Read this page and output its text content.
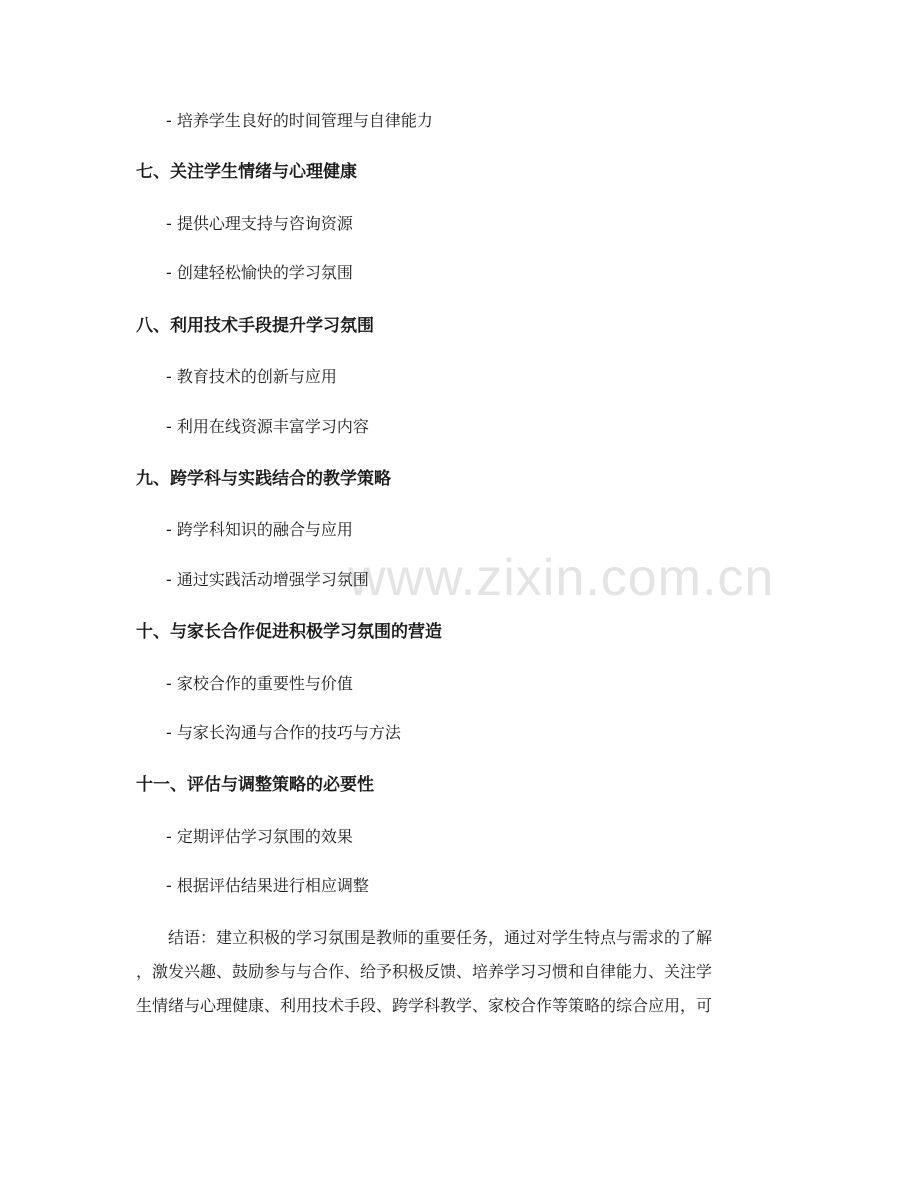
www.zixin.com.cn
- 培养学生良好的时间管理与自律能力
七、关注学生情绪与心理健康
- 提供心理支持与咨询资源
- 创建轻松愉快的学习氛围
八、利用技术手段提升学习氛围
- 教育技术的创新与应用
- 利用在线资源丰富学习内容
九、跨学科与实践结合的教学策略
- 跨学科知识的融合与应用
- 通过实践活动增强学习氛围
十、与家长合作促进积极学习氛围的营造
- 家校合作的重要性与价值
- 与家长沟通与合作的技巧与方法
十一、评估与调整策略的必要性
- 定期评估学习氛围的效果
- 根据评估结果进行相应调整
　　结语：建立积极的学习氛围是教师的重要任务，通过对学生特点与需求的了解
，激发兴趣、鼓励参与与合作、给予积极反馈、培养学习习惯和自律能力、关注学
生情绪与心理健康、利用技术手段、跨学科教学、家校合作等策略的综合应用，可
